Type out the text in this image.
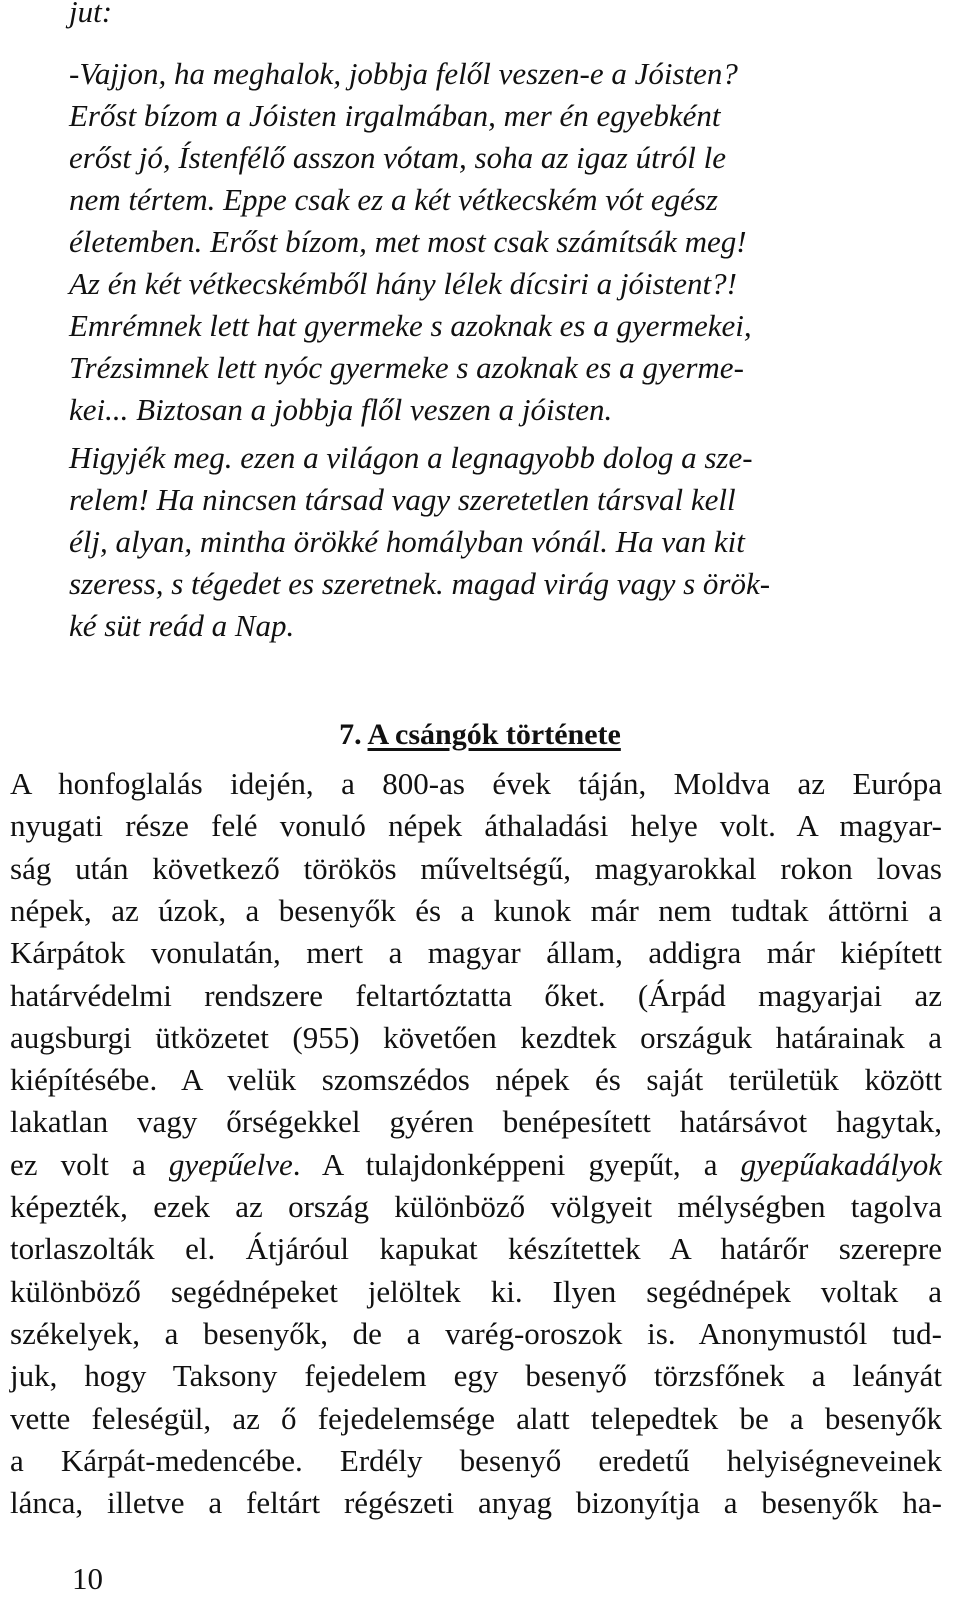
jut:
-Vajjon, ha meghalok, jobbja felől veszen-e a Jóisten?
Erőst bízom a Jóisten irgalmában, mer én egyebként
erőst jó, Ístenfélő asszon vótam, soha az igaz útról le
nem tértem. Eppe csak ez a két vétkecském vót egész
életemben. Erőst bízom, met most csak számítsák meg!
Az én két vétkecskémből hány lélek dícsiri a jóistent?!
Emrémnek lett hat gyermeke s azoknak es a gyermekei,
Trézsimnek lett nyóc gyermeke s azoknak es a gyerme-
kei... Biztosan a jobbja flől veszen a jóisten.
Higyjék meg. ezen a világon a legnagyobb dolog a sze-
relem! Ha nincsen társad vagy szeretetlen társval kell
élj, alyan, mintha örökké homályban vónál. Ha van kit
szeress, s tégedet es szeretnek. magad virág vagy s örök-
ké süt reád a Nap.
7. A csángók története
A honfoglalás idején, a 800-as évek táján, Moldva az Európa
nyugati része felé vonuló népek áthaladási helye volt. A magyar-
ság után következő törökös műveltségű, magyarokkal rokon lovas
népek, az úzok, a besenyők és a kunok már nem tudtak áttörni a
Kárpátok vonulatán, mert a magyar állam, addigra már kiépített
határvédelmi rendszere feltartóztatta őket. (Árpád magyarjai az
augsburgi ütközetet (955) követően kezdtek országuk határainak a
kiépítésébe. A velük szomszédos népek és saját területük között
lakatlan vagy őrségekkel gyéren benépesített határsávot hagytak,
ez volt a gyepűelve. A tulajdonképpeni gyepűt, a gyepűakadályok
képezték, ezek az ország különböző völgyeit mélységben tagolva
torlaszolták el. Átjáróul kapukat készítettek A határőr szerepre
különböző segédnépeket jelöltek ki. Ilyen segédnépek voltak a
székelyek, a besenyők, de a varég-oroszok is. Anonymustól tud-
juk, hogy Taksony fejedelem egy besenyő törzsfőnek a leányát
vette feleségül, az ő fejedelemsége alatt telepedtek be a besenyők
a Kárpát-medencébe. Erdély besenyő eredetű helyiségneveinek
lánca, illetve a feltárt régészeti anyag bizonyítja a besenyők ha-
10
